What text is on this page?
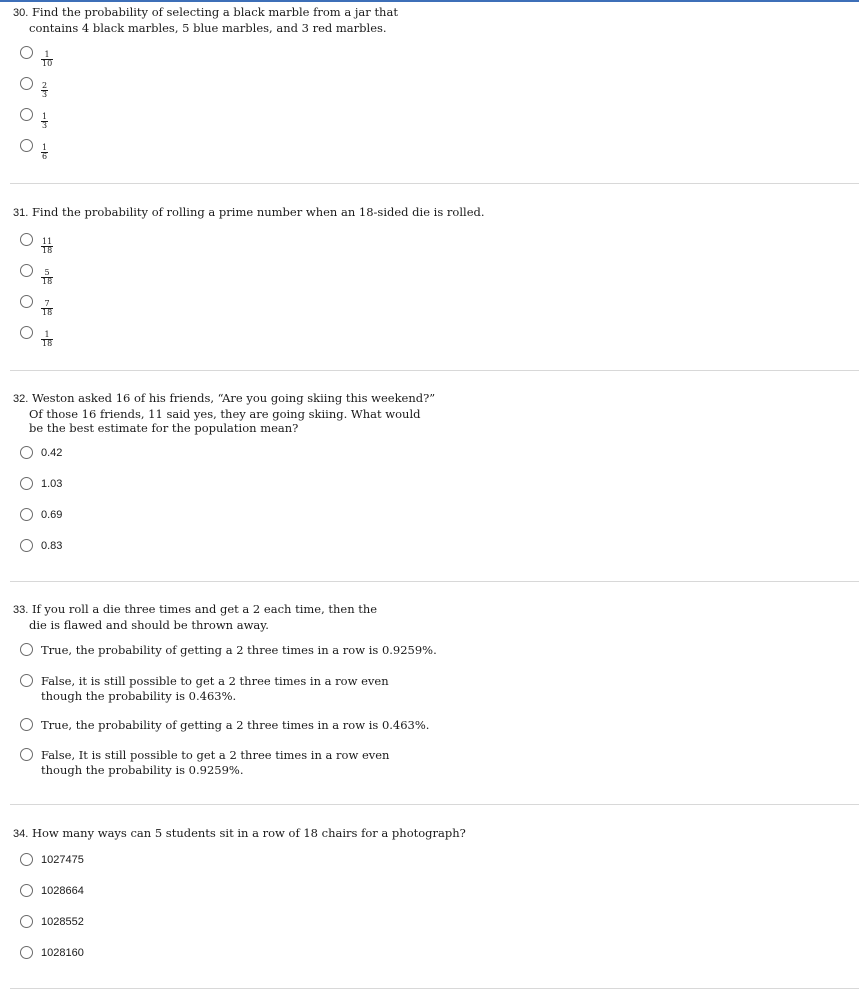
30. Find the probability of selecting a black marble from a jar that
contains 4 black marbles, 5 blue marbles, and 3 red marbles.
$\frac{1}{10}$
$\frac{2}{3}$
$\frac{1}{3}$
$\frac{1}{6}$
31. Find the probability of rolling a prime number when an 18-sided die is rolled.
$\frac{11}{18}$
$\frac{5}{18}$
$\frac{7}{18}$
$\frac{1}{18}$
32. Weston asked 16 of his friends, “Are you going skiing this weekend?”
Of those 16 friends, 11 said yes, they are going skiing. What would
be the best estimate for the population mean?
0.42
1.03
0.69
0.83
33. If you roll a die three times and get a 2 each time, then the
die is flawed and should be thrown away.
True, the probability of getting a 2 three times in a row is 0.9259%.
False, it is still possible to get a 2 three times in a row even
though the probability is 0.463%.
True, the probability of getting a 2 three times in a row is 0.463%.
False, It is still possible to get a 2 three times in a row even
though the probability is 0.9259%.
34. How many ways can 5 students sit in a row of 18 chairs for a photograph?
1027475
1028664
1028552
1028160
